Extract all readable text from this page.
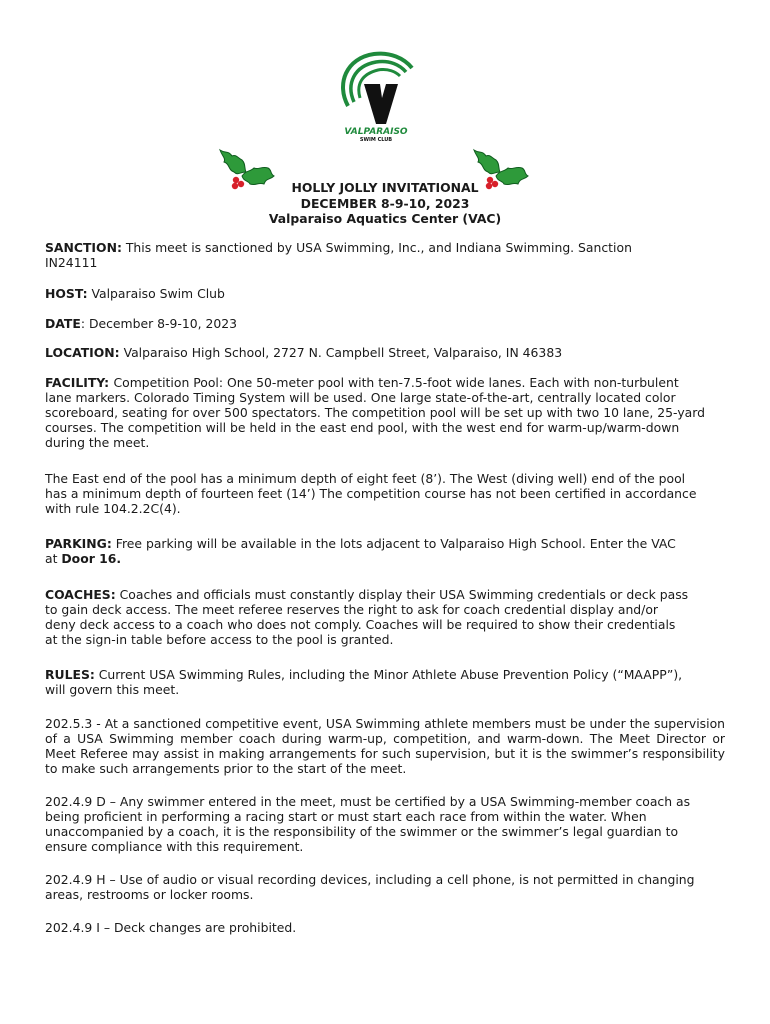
VALPARAISO
SWIM CLUB
HOLLY JOLLY INVITATIONAL
DECEMBER 8-9-10, 2023
Valparaiso Aquatics Center (VAC)

SANCTION: This meet is sanctioned by USA Swimming, Inc., and Indiana Swimming. Sanction
IN24111

HOST: Valparaiso Swim Club

DATE: December 8-9-10, 2023

LOCATION: Valparaiso High School, 2727 N. Campbell Street, Valparaiso, IN 46383

FACILITY: Competition Pool: One 50-meter pool with ten-7.5-foot wide lanes. Each with non-turbulent
lane markers. Colorado Timing System will be used. One large state-of-the-art, centrally located color
scoreboard, seating for over 500 spectators. The competition pool will be set up with two 10 lane, 25-yard
courses. The competition will be held in the east end pool, with the west end for warm-up/warm-down
during the meet.

The East end of the pool has a minimum depth of eight feet (8’). The West (diving well) end of the pool
has a minimum depth of fourteen feet (14’) The competition course has not been certified in accordance
with rule 104.2.2C(4).

PARKING: Free parking will be available in the lots adjacent to Valparaiso High School. Enter the VAC
at Door 16.

COACHES: Coaches and officials must constantly display their USA Swimming credentials or deck pass
to gain deck access. The meet referee reserves the right to ask for coach credential display and/or
deny deck access to a coach who does not comply. Coaches will be required to show their credentials
at the sign-in table before access to the pool is granted.

RULES: Current USA Swimming Rules, including the Minor Athlete Abuse Prevention Policy (“MAAPP”),
will govern this meet.

202.5.3 - At a sanctioned competitive event, USA Swimming athlete members must be under the supervision of a USA Swimming member coach during warm-up, competition, and warm-down. The Meet Director or Meet Referee may assist in making arrangements for such supervision, but it is the swimmer’s responsibility to make such arrangements prior to the start of the meet.

202.4.9 D – Any swimmer entered in the meet, must be certified by a USA Swimming-member coach as
being proficient in performing a racing start or must start each race from within the water. When
unaccompanied by a coach, it is the responsibility of the swimmer or the swimmer’s legal guardian to
ensure compliance with this requirement.

202.4.9 H – Use of audio or visual recording devices, including a cell phone, is not permitted in changing
areas, restrooms or locker rooms.

202.4.9 I – Deck changes are prohibited.
